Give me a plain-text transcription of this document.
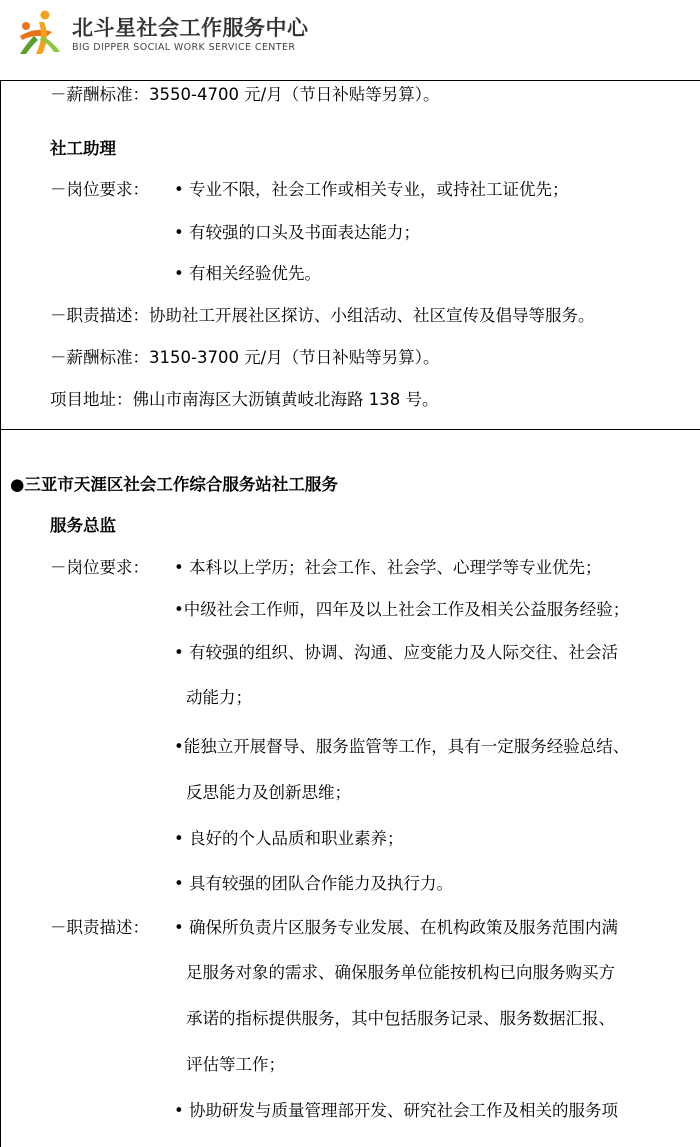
北斗星社会工作服务中心
BIG DIPPER SOCIAL WORK SERVICE CENTER
－薪酬标准：3550-4700 元/月（节日补贴等另算）。
社工助理
－岗位要求： • 专业不限，社会工作或相关专业，或持社工证优先；
• 有较强的口头及书面表达能力；
• 有相关经验优先。
－职责描述：协助社工开展社区探访、小组活动、社区宣传及倡导等服务。
－薪酬标准：3150-3700 元/月（节日补贴等另算）。
项目地址：佛山市南海区大沥镇黄岐北海路 138 号。
●三亚市天涯区社会工作综合服务站社工服务
服务总监
－岗位要求： • 本科以上学历；社会工作、社会学、心理学等专业优先；
•中级社会工作师，四年及以上社会工作及相关公益服务经验；
• 有较强的组织、协调、沟通、应变能力及人际交往、社会活
动能力；
•能独立开展督导、服务监管等工作，具有一定服务经验总结、
反思能力及创新思维；
• 良好的个人品质和职业素养；
• 具有较强的团队合作能力及执行力。
－职责描述： • 确保所负责片区服务专业发展、在机构政策及服务范围内满
足服务对象的需求、确保服务单位能按机构已向服务购买方
承诺的指标提供服务，其中包括服务记录、服务数据汇报、
评估等工作；
• 协助研发与质量管理部开发、研究社会工作及相关的服务项
